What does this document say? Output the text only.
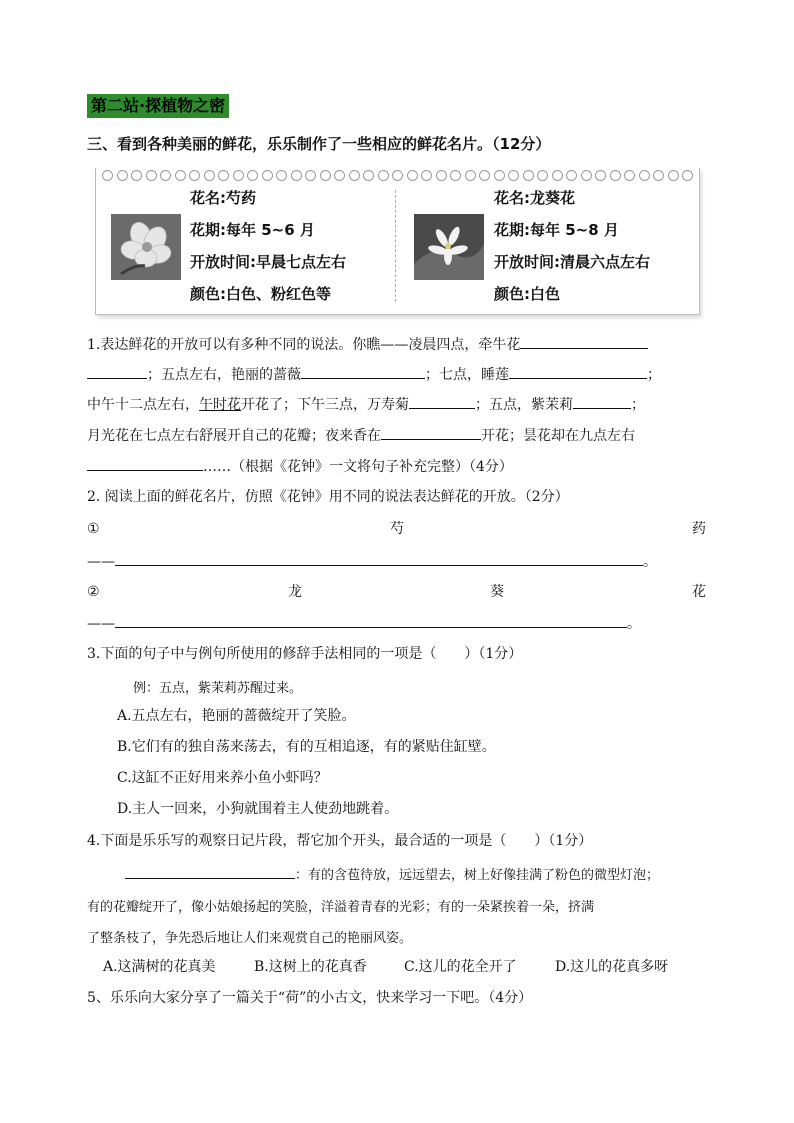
第二站·探植物之密
三、看到各种美丽的鲜花，乐乐制作了一些相应的鲜花名片。（12分）
花名:芍药
花期:每年 5~6 月
开放时间:早晨七点左右
颜色:白色、粉红色等
花名:龙葵花
花期:每年 5~8 月
开放时间:清晨六点左右
颜色:白色
1.表达鲜花的开放可以有多种不同的说法。你瞧——凌晨四点，牵牛花
；五点左右，艳丽的蔷薇	；七点，睡莲	；
中午十二点左右，午时花开花了；下午三点，万寿菊	；五点，紫茉莉	；
月光花在七点左右舒展开自己的花瓣；夜来香在	开花；昙花却在九点左右
……（根据《花钟》一文将句子补充完整）（4分）
2. 阅读上面的鲜花名片，仿照《花钟》用不同的说法表达鲜花的开放。（2分）
①	芍	药
——	。
②	龙	葵	花
——	。
3.下面的句子中与例句所使用的修辞手法相同的一项是（　　）（1分）
例：五点，紫茉莉苏醒过来。
A.五点左右，艳丽的蔷薇绽开了笑脸。
B.它们有的独自荡来荡去，有的互相追逐，有的紧贴住缸壁。
C.这缸不正好用来养小鱼小虾吗？
D.主人一回来，小狗就围着主人使劲地跳着。
4.下面是乐乐写的观察日记片段，帮它加个开头，最合适的一项是（　　）（1分）
：有的含苞待放，远远望去，树上好像挂满了粉色的微型灯泡；
有的花瓣绽开了，像小姑娘扬起的笑脸，洋溢着青春的光彩；有的一朵紧挨着一朵，挤满
了整条枝了，争先恐后地让人们来观赏自己的艳丽风姿。
A.这满树的花真美	B.这树上的花真香	C.这儿的花全开了	D.这儿的花真多呀
5、乐乐向大家分享了一篇关于“荷”的小古文，快来学习一下吧。（4分）
